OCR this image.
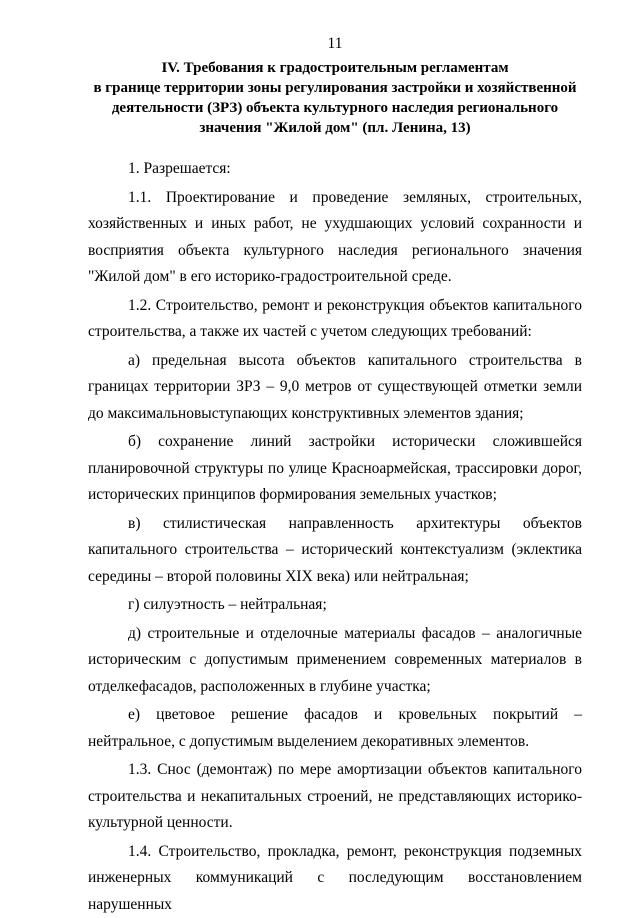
11
IV. Требования к градостроительным регламентам
в границе территории зоны регулирования застройки и хозяйственной
деятельности (ЗРЗ) объекта культурного наследия регионального
значения "Жилой дом" (пл. Ленина, 13)

1. Разрешается:

1.1. Проектирование и проведение земляных, строительных, хозяйственных и иных работ, не ухудшающих условий сохранности и восприятия объекта культурного наследия регионального значения "Жилой дом" в его историко-градостроительной среде.

1.2. Строительство, ремонт и реконструкция объектов капитального строительства, а также их частей с учетом следующих требований:

а) предельная высота объектов капитального строительства в границах территории ЗРЗ – 9,0 метров от существующей отметки земли до максимальновыступающих конструктивных элементов здания;

б) сохранение линий застройки исторически сложившейся планировочной структуры по улице Красноармейская, трассировки дорог, исторических принципов формирования земельных участков;

в) стилистическая направленность архитектуры объектов капитального строительства – исторический контекстуализм (эклектика середины – второй половины XIX века) или нейтральная;

г) силуэтность – нейтральная;

д) строительные и отделочные материалы фасадов – аналогичные историческим с допустимым применением современных материалов в отделкефасадов, расположенных в глубине участка;

е) цветовое решение фасадов и кровельных покрытий – нейтральное, с допустимым выделением декоративных элементов.

1.3. Снос (демонтаж) по мере амортизации объектов капитального строительства и некапитальных строений, не представляющих историко-культурной ценности.

1.4. Строительство, прокладка, ремонт, реконструкция подземных инженерных коммуникаций с последующим восстановлением нарушенных
